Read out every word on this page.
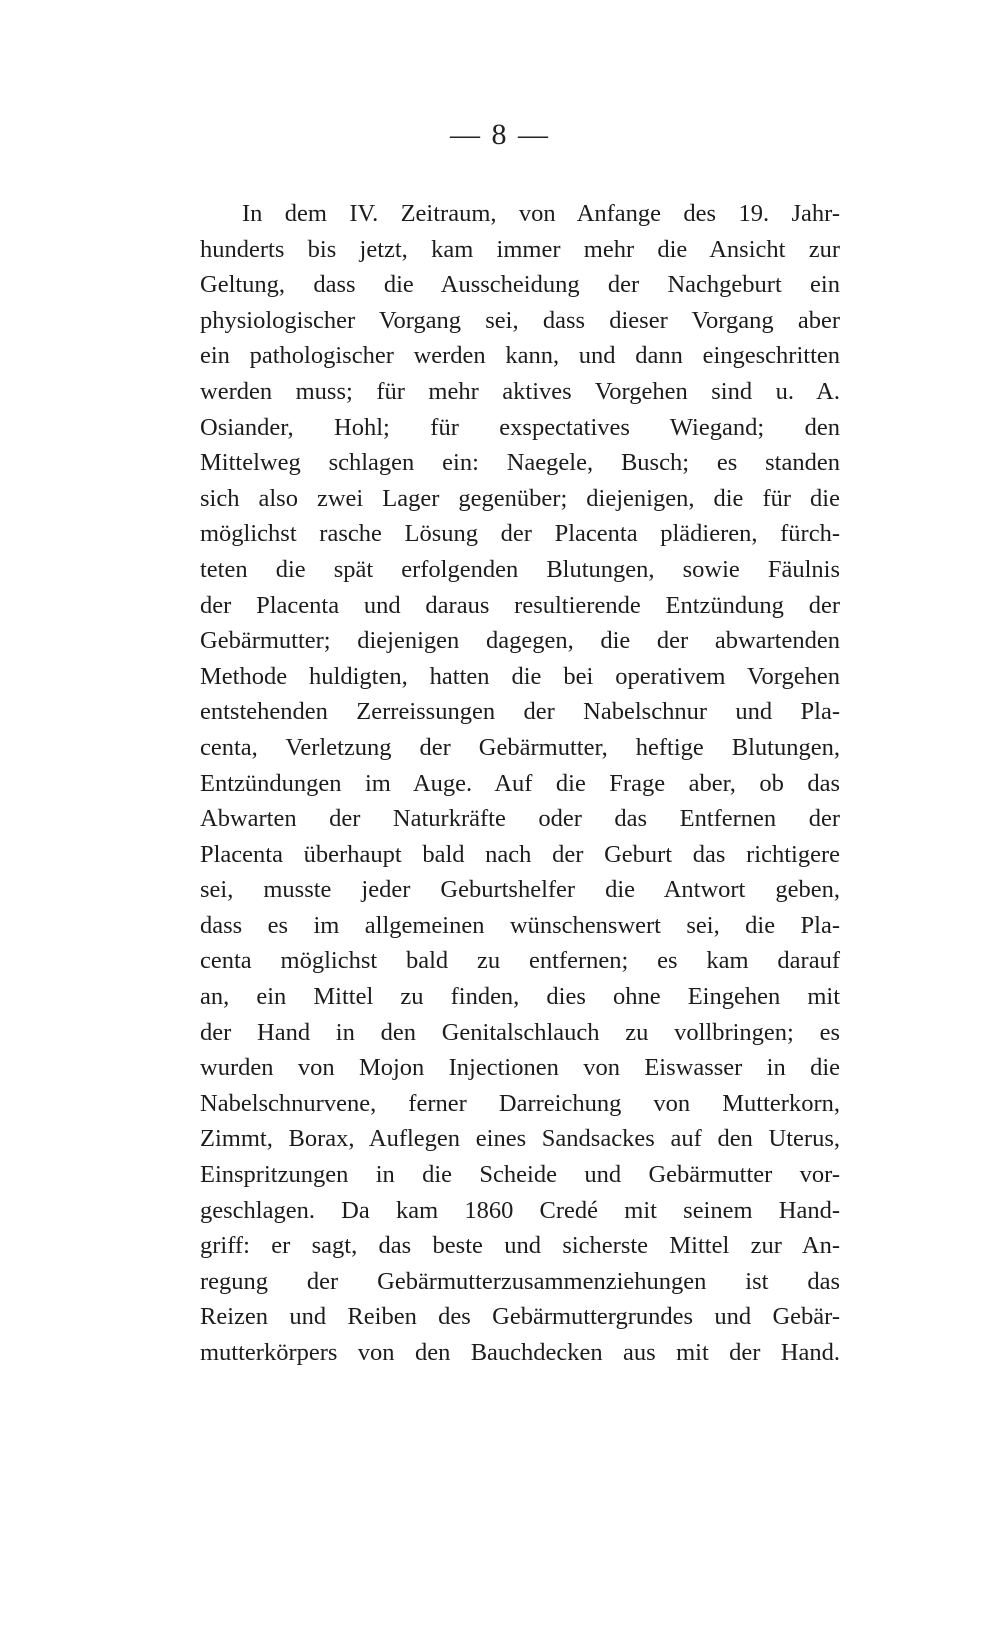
— 8 —
In dem IV. Zeitraum, von Anfange des 19. Jahr-
hunderts bis jetzt, kam immer mehr die Ansicht zur
Geltung, dass die Ausscheidung der Nachgeburt ein
physiologischer Vorgang sei, dass dieser Vorgang aber
ein pathologischer werden kann, und dann eingeschritten
werden muss; für mehr aktives Vorgehen sind u. A.
Osiander, Hohl; für exspectatives Wiegand; den
Mittelweg schlagen ein: Naegele, Busch; es standen
sich also zwei Lager gegenüber; diejenigen, die für die
möglichst rasche Lösung der Placenta plädieren, fürch-
teten die spät erfolgenden Blutungen, sowie Fäulnis
der Placenta und daraus resultierende Entzündung der
Gebärmutter; diejenigen dagegen, die der abwartenden
Methode huldigten, hatten die bei operativem Vorgehen
entstehenden Zerreissungen der Nabelschnur und Pla-
centa, Verletzung der Gebärmutter, heftige Blutungen,
Entzündungen im Auge. Auf die Frage aber, ob das
Abwarten der Naturkräfte oder das Entfernen der
Placenta überhaupt bald nach der Geburt das richtigere
sei, musste jeder Geburtshelfer die Antwort geben,
dass es im allgemeinen wünschenswert sei, die Pla-
centa möglichst bald zu entfernen; es kam darauf
an, ein Mittel zu finden, dies ohne Eingehen mit
der Hand in den Genitalschlauch zu vollbringen; es
wurden von Mojon Injectionen von Eiswasser in die
Nabelschnurvene, ferner Darreichung von Mutterkorn,
Zimmt, Borax, Auflegen eines Sandsackes auf den Uterus,
Einspritzungen in die Scheide und Gebärmutter vor-
geschlagen. Da kam 1860 Credé mit seinem Hand-
griff: er sagt, das beste und sicherste Mittel zur An-
regung der Gebärmutterzusammenziehungen ist das
Reizen und Reiben des Gebärmuttergrundes und Gebär-
mutterkörpers von den Bauchdecken aus mit der Hand.
